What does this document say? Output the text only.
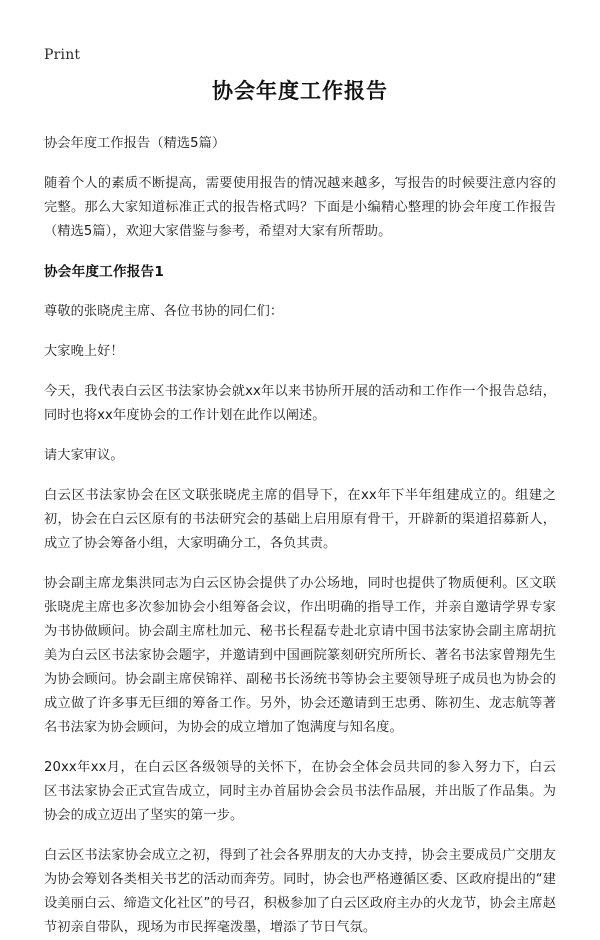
Print
协会年度工作报告

协会年度工作报告（精选5篇）

随着个人的素质不断提高，需要使用报告的情况越来越多，写报告的时候要注意内容的完整。那么大家知道标准正式的报告格式吗？下面是小编精心整理的协会年度工作报告（精选5篇），欢迎大家借鉴与参考，希望对大家有所帮助。

协会年度工作报告1

尊敬的张晓虎主席、各位书协的同仁们：

大家晚上好！

今天，我代表白云区书法家协会就xx年以来书协所开展的活动和工作作一个报告总结，同时也将xx年度协会的工作计划在此作以阐述。

请大家审议。

白云区书法家协会在区文联张晓虎主席的倡导下，在xx年下半年组建成立的。组建之初，协会在白云区原有的书法研究会的基础上启用原有骨干，开辟新的渠道招募新人，成立了协会筹备小组，大家明确分工，各负其责。

协会副主席龙集洪同志为白云区协会提供了办公场地，同时也提供了物质便利。区文联张晓虎主席也多次参加协会小组筹备会议，作出明确的指导工作，并亲自邀请学界专家为书协做顾问。协会副主席杜加元、秘书长程磊专赴北京请中国书法家协会副主席胡抗美为白云区书法家协会题字，并邀请到中国画院篆刻研究所所长、著名书法家曾翔先生为协会顾问。协会副主席侯锦祥、副秘书长汤统书等协会主要领导班子成员也为协会的成立做了许多事无巨细的筹备工作。另外，协会还邀请到王忠勇、陈初生、龙志航等著名书法家为协会顾问，为协会的成立增加了饱满度与知名度。

20xx年xx月，在白云区各级领导的关怀下，在协会全体会员共同的参入努力下，白云区书法家协会正式宣告成立，同时主办首届协会会员书法作品展，并出版了作品集。为协会的成立迈出了坚实的第一步。

白云区书法家协会成立之初，得到了社会各界朋友的大办支持，协会主要成员广交朋友为协会筹划各类相关书艺的活动而奔劳。同时，协会也严格遵循区委、区政府提出的“建设美丽白云、缔造文化社区”的号召，积极参加了白云区政府主办的火龙节，协会主席赵节初亲自带队，现场为市民挥毫泼墨，增添了节日气氛。
